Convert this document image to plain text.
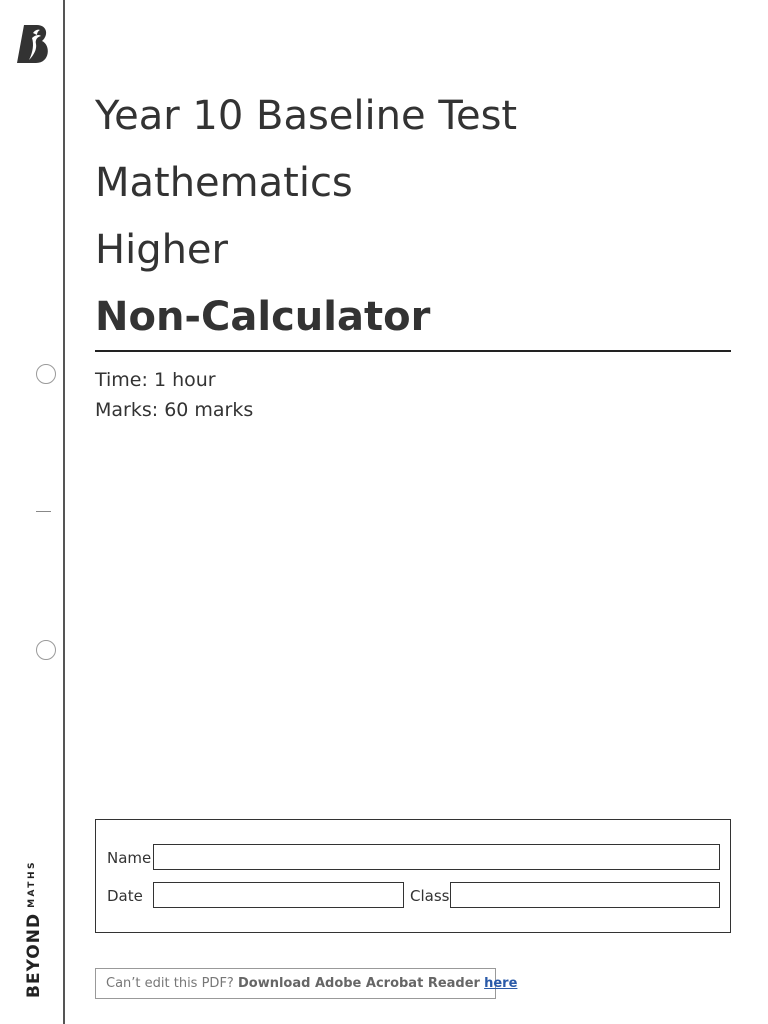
$BEYOND^{MATHS}$
Year 10 Baseline Test
Mathematics
Higher
Non-Calculator
Time: 1 hour
Marks: 60 marks
Name
Date	Class
Can’t edit this PDF? Download Adobe Acrobat Reader here
